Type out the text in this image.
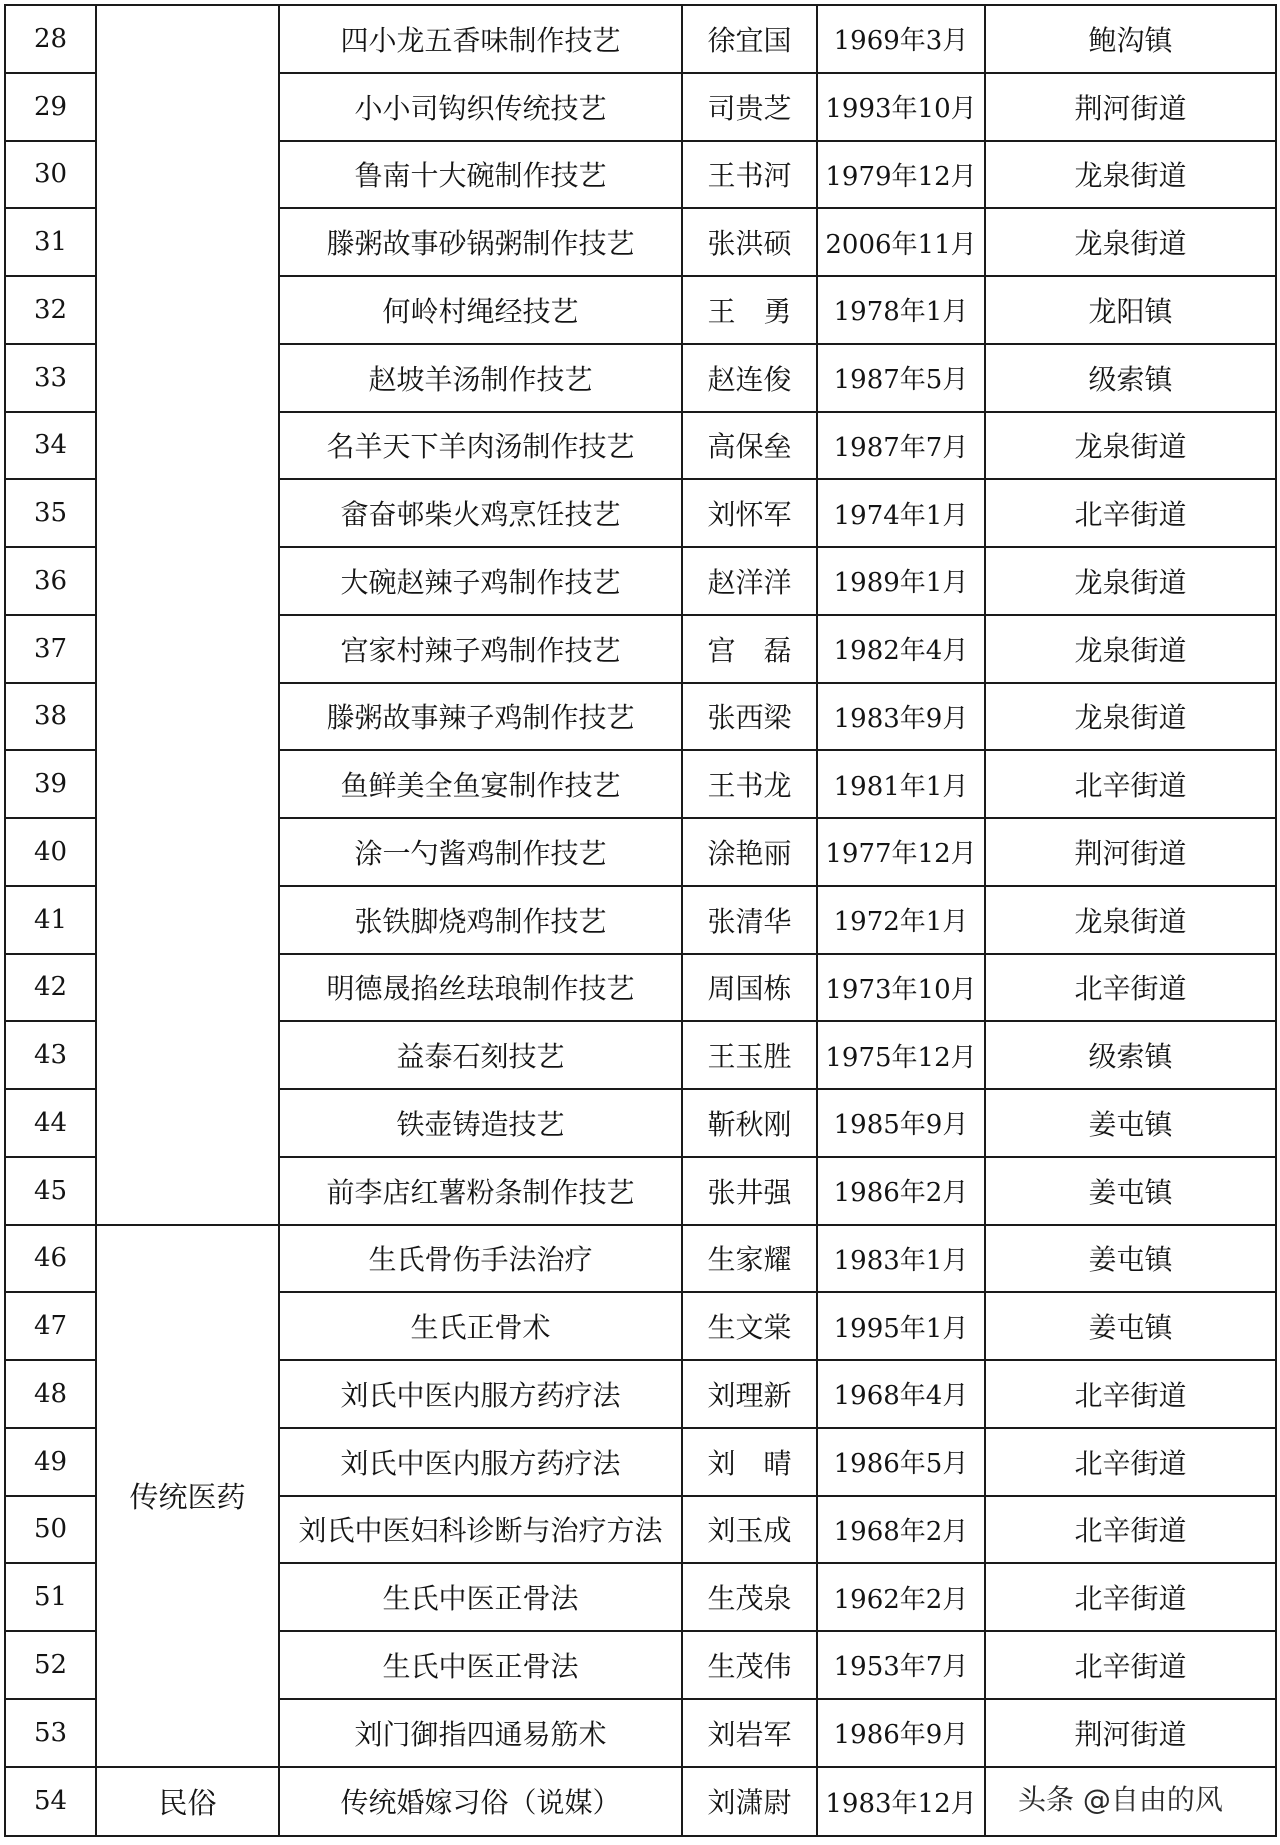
28		四小龙五香味制作技艺	徐宜国	1969年3月	鲍沟镇
29		小小司钩织传统技艺	司贵芝	1993年10月	荆河街道
30		鲁南十大碗制作技艺	王书河	1979年12月	龙泉街道
31		滕粥故事砂锅粥制作技艺	张洪硕	2006年11月	龙泉街道
32		何岭村绳经技艺	王　勇	1978年1月	龙阳镇
33		赵坡羊汤制作技艺	赵连俊	1987年5月	级索镇
34		名羊天下羊肉汤制作技艺	高保垒	1987年7月	龙泉街道
35		畲奋邨柴火鸡烹饪技艺	刘怀军	1974年1月	北辛街道
36		大碗赵辣子鸡制作技艺	赵洋洋	1989年1月	龙泉街道
37		宫家村辣子鸡制作技艺	宫　磊	1982年4月	龙泉街道
38		滕粥故事辣子鸡制作技艺	张西梁	1983年9月	龙泉街道
39		鱼鲜美全鱼宴制作技艺	王书龙	1981年1月	北辛街道
40		涂一勺酱鸡制作技艺	涂艳丽	1977年12月	荆河街道
41		张铁脚烧鸡制作技艺	张清华	1972年1月	龙泉街道
42		明德晟掐丝珐琅制作技艺	周国栋	1973年10月	北辛街道
43		益泰石刻技艺	王玉胜	1975年12月	级索镇
44		铁壶铸造技艺	靳秋刚	1985年9月	姜屯镇
45		前李店红薯粉条制作技艺	张井强	1986年2月	姜屯镇
46	传统医药	生氏骨伤手法治疗	生家耀	1983年1月	姜屯镇
47		生氏正骨术	生文棠	1995年1月	姜屯镇
48		刘氏中医内服方药疗法	刘理新	1968年4月	北辛街道
49		刘氏中医内服方药疗法	刘　晴	1986年5月	北辛街道
50		刘氏中医妇科诊断与治疗方法	刘玉成	1968年2月	北辛街道
51		生氏中医正骨法	生茂泉	1962年2月	北辛街道
52		生氏中医正骨法	生茂伟	1953年7月	北辛街道
53		刘门御指四通易筋术	刘岩军	1986年9月	荆河街道
54	民俗	传统婚嫁习俗（说媒）	刘潇尉	1983年12月	头条 @自由的风
